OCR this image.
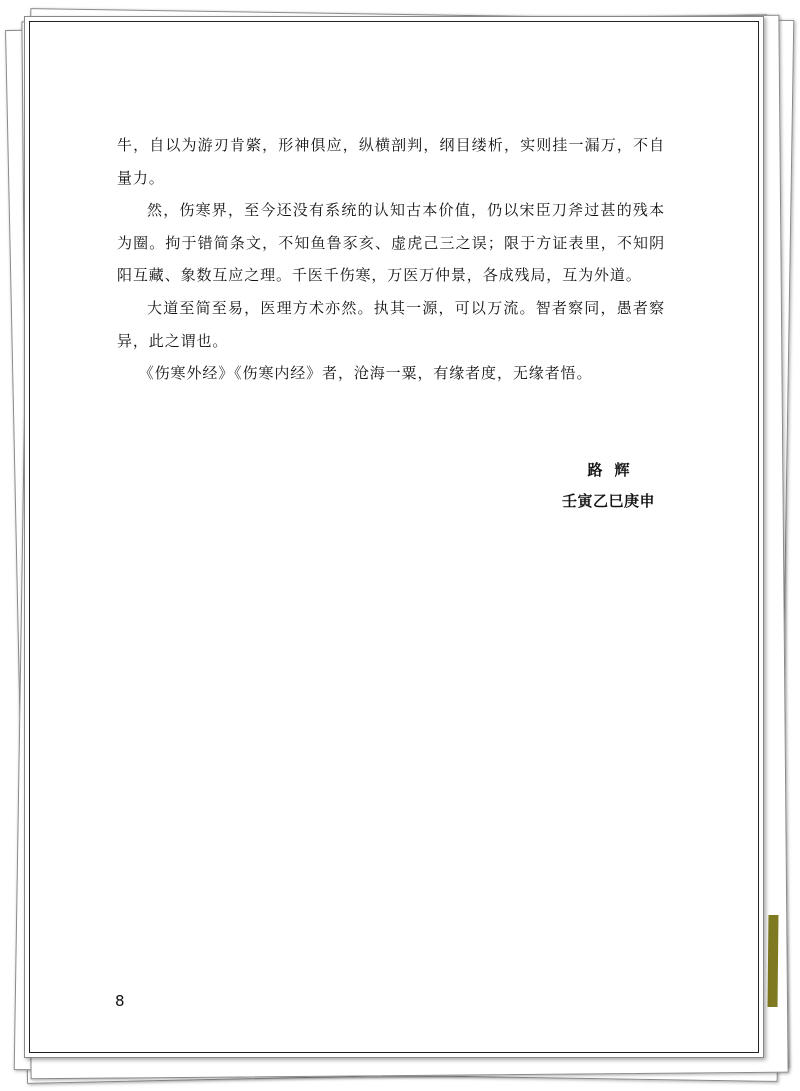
牛，自以为游刃肯綮，形神俱应，纵横剖判，纲目缕析，实则挂一漏万，不自量力。

然，伤寒界，至今还没有系统的认知古本价值，仍以宋臣刀斧过甚的残本为圈。拘于错简条文，不知鱼鲁豕亥、虚虎己三之误；限于方证表里，不知阴阳互藏、象数互应之理。千医千伤寒，万医万仲景，各成残局，互为外道。

大道至简至易，医理方术亦然。执其一源，可以万流。智者察同，愚者察异，此之谓也。

《伤寒外经》《伤寒内经》者，沧海一粟，有缘者度，无缘者悟。

路辉
壬寅乙巳庚申
8
